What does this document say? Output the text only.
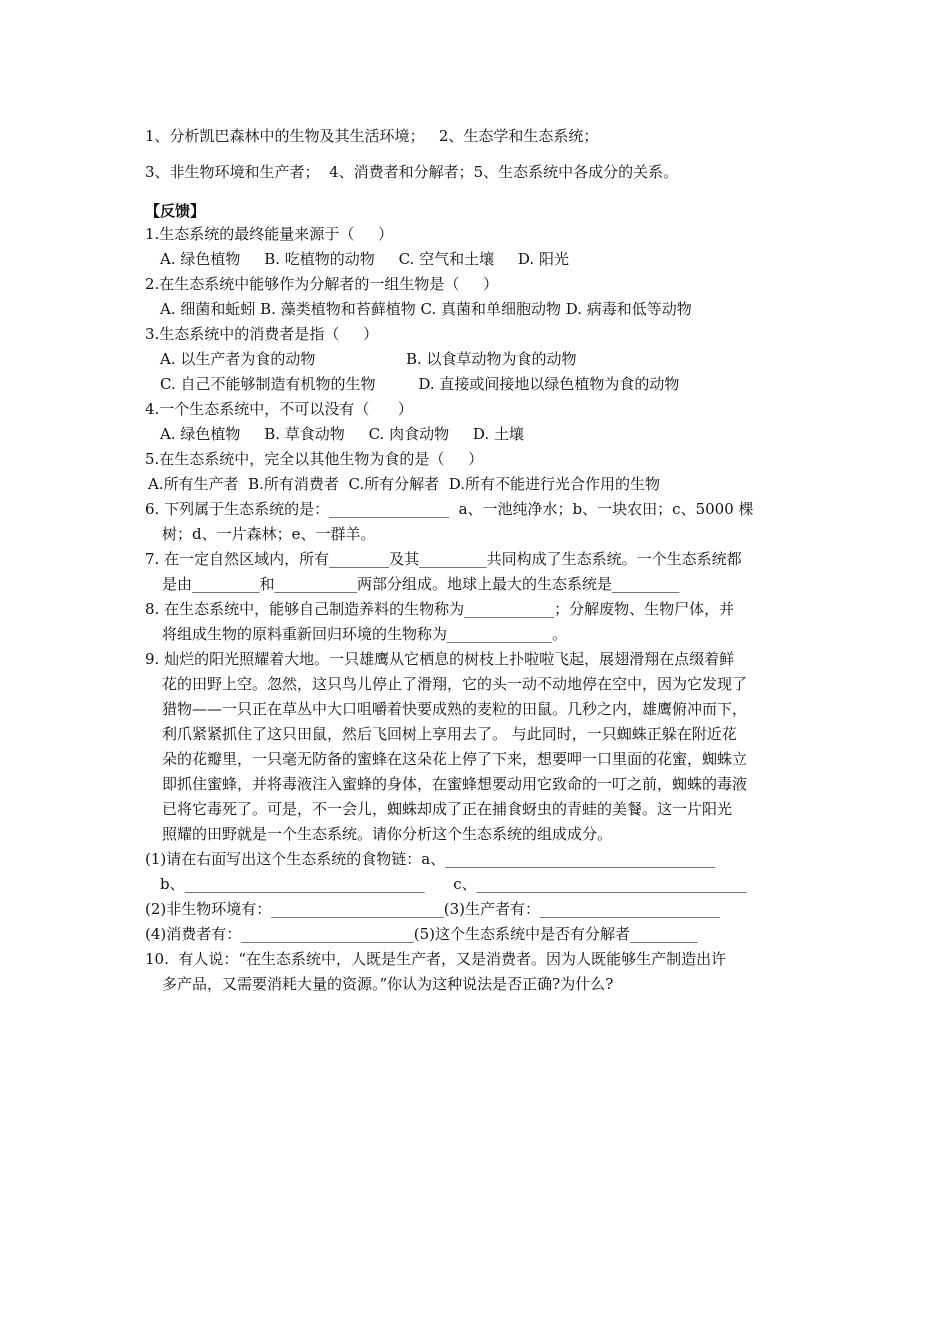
1、分析凯巴森林中的生物及其生活环境；   2、生态学和生态系统；
3、非生物环境和生产者；  4、消费者和分解者；5、生态系统中各成分的关系。
【反馈】
1.生态系统的最终能量来源于（     ）
A. 绿色植物     B. 吃植物的动物     C. 空气和土壤     D. 阳光
2.在生态系统中能够作为分解者的一组生物是（     ）
A. 细菌和蚯蚓 B. 藻类植物和苔藓植物 C. 真菌和单细胞动物 D. 病毒和低等动物
3.生态系统中的消费者是指（     ）
A. 以生产者为食的动物                   B. 以食草动物为食的动物
C. 自己不能够制造有机物的生物         D. 直接或间接地以绿色植物为食的动物
4.一个生态系统中，不可以没有（      ）
A. 绿色植物     B. 草食动物     C. 肉食动物     D. 土壤
5.在生态系统中，完全以其他生物为食的是（     ）
A.所有生产者  B.所有消费者  C.所有分解者  D.所有不能进行光合作用的生物
6. 下列属于生态系统的是：________________  a、一池纯净水；b、一块农田；c、5000 棵
树；d、一片森林；e、一群羊。
7. 在一定自然区域内，所有________及其_________共同构成了生态系统。一个生态系统都
是由_________和___________两部分组成。地球上最大的生态系统是_________
8. 在生态系统中，能够自己制造养料的生物称为____________；分解废物、生物尸体，并
将组成生物的原料重新回归环境的生物称为______________。
9. 灿烂的阳光照耀着大地。一只雄鹰从它栖息的树枝上扑啦啦飞起，展翅滑翔在点缀着鲜
花的田野上空。忽然，这只鸟儿停止了滑翔，它的头一动不动地停在空中，因为它发现了
猎物——一只正在草丛中大口咀嚼着快要成熟的麦粒的田鼠。几秒之内，雄鹰俯冲而下，
利爪紧紧抓住了这只田鼠，然后飞回树上享用去了。 与此同时，一只蜘蛛正躲在附近花
朵的花瓣里，一只毫无防备的蜜蜂在这朵花上停了下来，想要呷一口里面的花蜜，蜘蛛立
即抓住蜜蜂，并将毒液注入蜜蜂的身体，在蜜蜂想要动用它致命的一叮之前，蜘蛛的毒液
已将它毒死了。可是，不一会儿，蜘蛛却成了正在捕食蚜虫的青蛙的美餐。这一片阳光
照耀的田野就是一个生态系统。请你分析这个生态系统的组成成分。
(1)请在右面写出这个生态系统的食物链：a、____________________________________
b、________________________________      c、____________________________________
(2)非生物环境有：_______________________(3)生产者有：________________________
(4)消费者有：_______________________(5)这个生态系统中是否有分解者_________
10.  有人说：“在生态系统中，人既是生产者，又是消费者。因为人既能够生产制造出许
多产品，又需要消耗大量的资源。”你认为这种说法是否正确?为什么?
